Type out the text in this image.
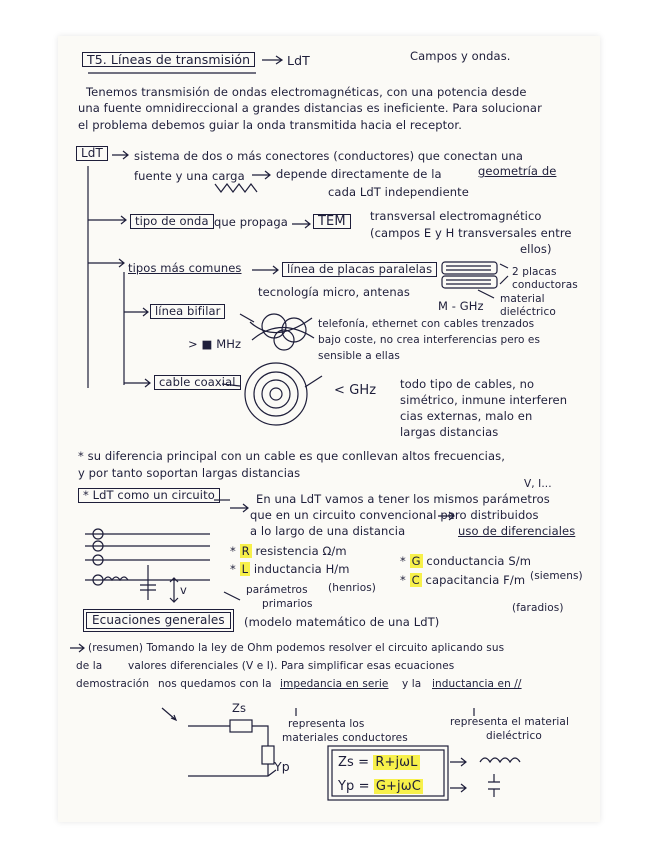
T5. Líneas de transmisión	LdT	Campos y ondas.
Tenemos transmisión de ondas electromagnéticas, con una potencia desde
una fuente omnidireccional a grandes distancias es ineficiente. Para solucionar
el problema debemos guiar la onda transmitida hacia el receptor.
LdT	sistema de dos o más conectores (conductores) que conectan una
fuente y una carga	depende directamente de la	geometría de
cada LdT independiente
tipo de onda que propaga	TEM	transversal electromagnético
(campos E y H transversales entre
ellos)
tipos más comunes	línea de placas paralelas	2 placas conductoras
material dieléctrico
tecnología micro, antenas
M - GHz
línea bifilar
> ■ MHz
telefonía, ethernet con cables trenzados
bajo coste, no crea interferencias pero es
sensible a ellas
cable coaxial
< GHz todo tipo de cables, no
simétrico, inmune interferen
cias externas, malo en
largas distancias
* su diferencia principal con un cable es que conllevan altos frecuencias,
y por tanto soportan largas distancias
* LdT como un circuito
V, I...
En una LdT vamos a tener los mismos parámetros
que en un circuito convencional pero distribuidos
a lo largo de una distancia	uso de diferenciales
* R resistencia Ω/m
* L inductancia H/m
* G conductancia S/m
* C capacitancia F/m
(henrios)
(siemens)
(faradios)
parámetros
primarios
v
Ecuaciones generales	(modelo matemático de una LdT)
(resumen) Tomando la ley de Ohm podemos resolver el circuito aplicando sus
de la valores diferenciales (V e I). Para simplificar esas ecuaciones
demostración nos quedamos con la impedancia en serie y la inductancia en //
Zs
Yp
representa los
materiales conductores
representa el material
dieléctrico
Zs = R+jωL
Yp = G+jωC
